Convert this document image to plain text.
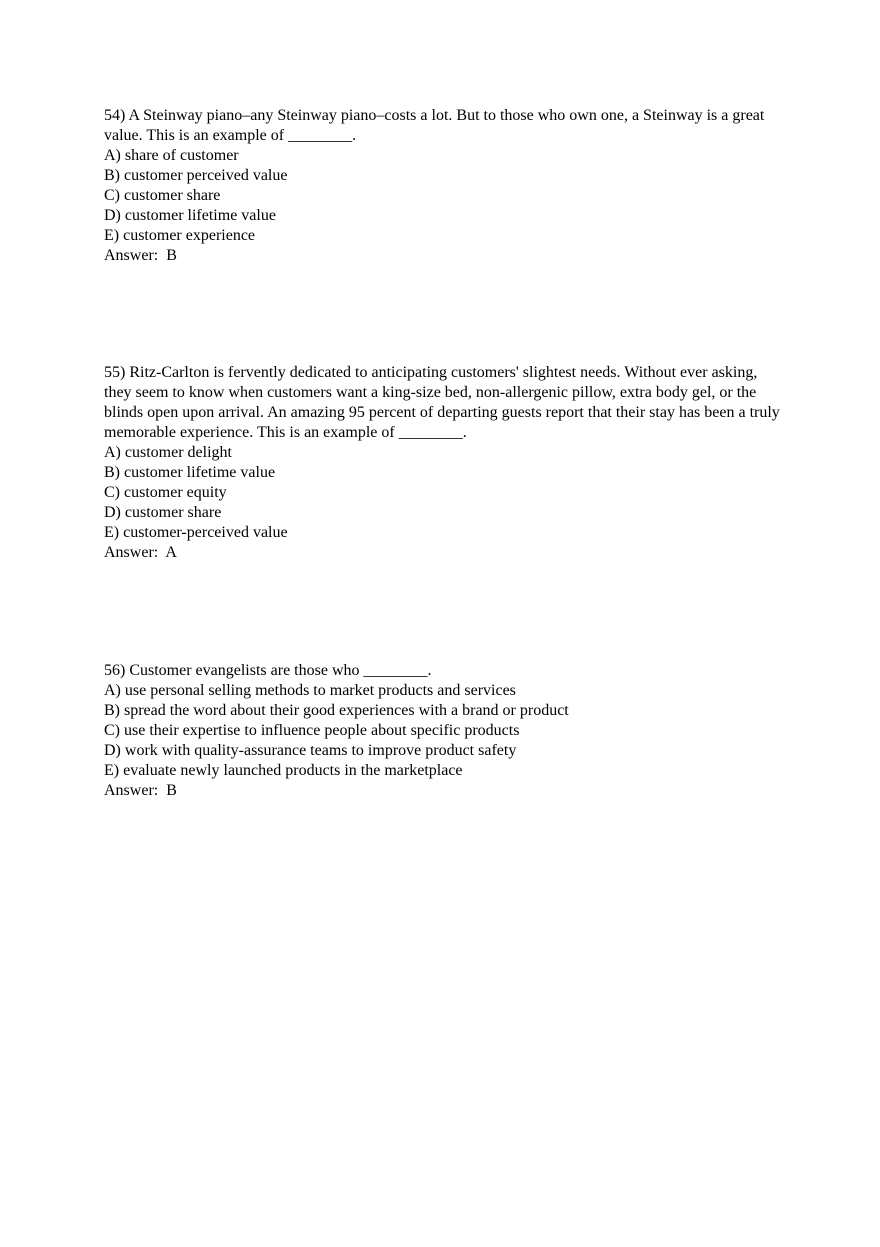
54) A Steinway piano–any Steinway piano–costs a lot. But to those who own one, a Steinway is a great value. This is an example of ________.

A) share of customer

B) customer perceived value

C) customer share

D) customer lifetime value

E) customer experience

Answer:  B

55) Ritz-Carlton is fervently dedicated to anticipating customers' slightest needs. Without ever asking, they seem to know when customers want a king-size bed, non-allergenic pillow, extra body gel, or the blinds open upon arrival. An amazing 95 percent of departing guests report that their stay has been a truly memorable experience. This is an example of ________.

A) customer delight

B) customer lifetime value

C) customer equity

D) customer share

E) customer-perceived value

Answer:  A

56) Customer evangelists are those who ________.

A) use personal selling methods to market products and services

B) spread the word about their good experiences with a brand or product

C) use their expertise to influence people about specific products

D) work with quality-assurance teams to improve product safety

E) evaluate newly launched products in the marketplace

Answer:  B
